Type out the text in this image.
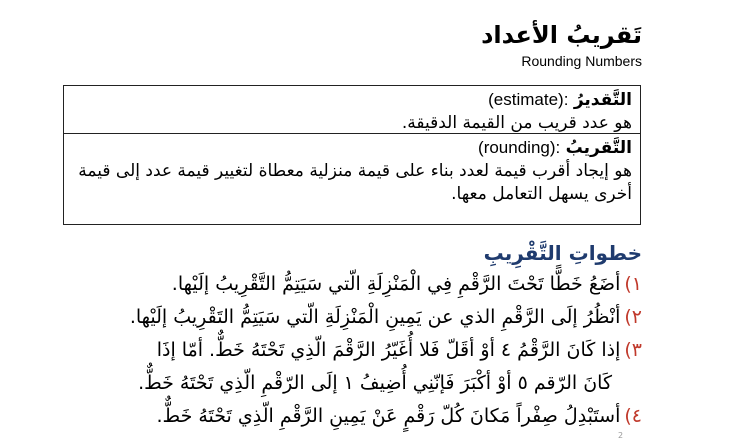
تَقريبُ الأعداد
Rounding Numbers
التَّقديرُ (estimate):
هو عدد قريب من القيمة الدقيقة.
التَّقريبُ (rounding):
هو إيجاد أقرب قيمة لعدد بناء على قيمة منزلية معطاة لتغيير قيمة عدد إلى قيمة أخرى يسهل التعامل معها.
خطواتِ التَّقْرِيبِ
١)أضَعُ خَطًّا تَحْتَ الرَّقْمِ فِي الْمَنْزِلَةِ الّتي سَيَتِمُّ التَّقْرِيبُ إلَيْها.
٢)أنْظُرُ إلَى الرَّقْمِ الذي عن يَمِينِ الْمَنْزِلَةِ الّتي سَيَتِمُّ التَقْرِيبُ إلَيْها.
٣)إذا كَانَ الرَّقْمُ ٤ أوْ أقَلّ فَلا أُغَيّرُ الرَّقْمَ الّذِي تَحْتَهُ خَطٌّ. أمّا إذَا
كَانَ الرّقم ٥ أوْ أكْبَرَ فَإنّنِي أُضِيفُ ١ إلَى الرّقْمِ الّذِي تَحْتَهُ خَطٌّ.
٤)أستَبْدِلُ صِفْراً مَكانَ كُلّ رَقْمٍ عَنْ يَمِينِ الرَّقْمِ الّذِي تَحْتَهُ خَطٌّ.
2
